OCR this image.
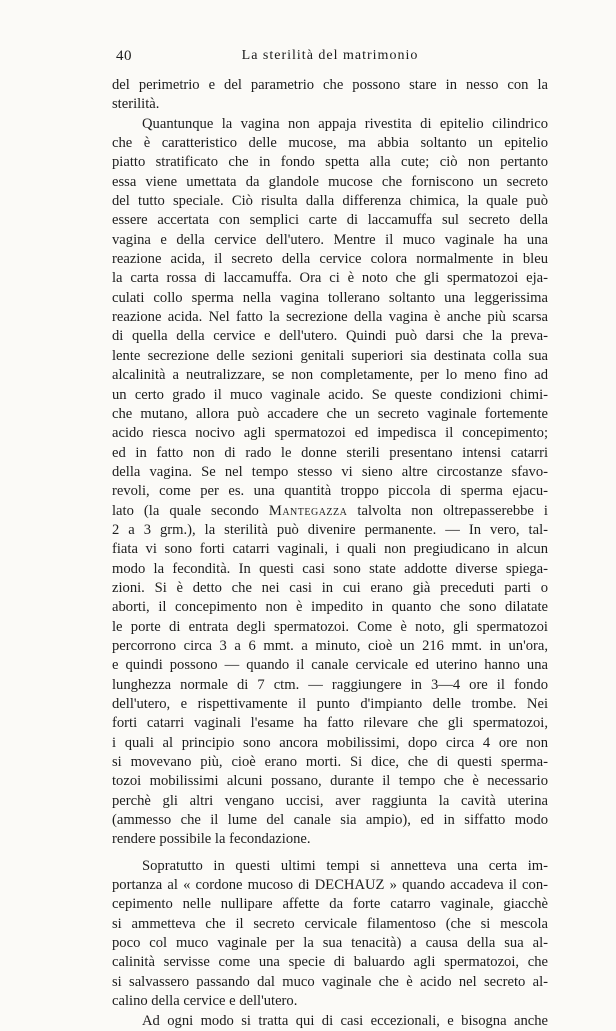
40	La sterilità del matrimonio
del perimetrio e del parametrio che possono stare in nesso con la
sterilità.
Quantunque la vagina non appaja rivestita di epitelio cilindrico
che è caratteristico delle mucose, ma abbia soltanto un epitelio
piatto stratificato che in fondo spetta alla cute; ciò non pertanto
essa viene umettata da glandole mucose che forniscono un secreto
del tutto speciale. Ciò risulta dalla differenza chimica, la quale può
essere accertata con semplici carte di laccamuffa sul secreto della
vagina e della cervice dell'utero. Mentre il muco vaginale ha una
reazione acida, il secreto della cervice colora normalmente in bleu
la carta rossa di laccamuffa. Ora ci è noto che gli spermatozoi eja-
culati collo sperma nella vagina tollerano soltanto una leggerissima
reazione acida. Nel fatto la secrezione della vagina è anche più scarsa
di quella della cervice e dell'utero. Quindi può darsi che la preva-
lente secrezione delle sezioni genitali superiori sia destinata colla sua
alcalinità a neutralizzare, se non completamente, per lo meno fino ad
un certo grado il muco vaginale acido. Se queste condizioni chimi-
che mutano, allora può accadere che un secreto vaginale fortemente
acido riesca nocivo agli spermatozoi ed impedisca il concepimento;
ed in fatto non di rado le donne sterili presentano intensi catarri
della vagina. Se nel tempo stesso vi sieno altre circostanze sfavo-
revoli, come per es. una quantità troppo piccola di sperma ejacu-
lato (la quale secondo Mantegazza talvolta non oltrepasserebbe i
2 a 3 grm.), la sterilità può divenire permanente. — In vero, tal-
fiata vi sono forti catarri vaginali, i quali non pregiudicano in alcun
modo la fecondità. In questi casi sono state addotte diverse spiega-
zioni. Si è detto che nei casi in cui erano già preceduti parti o
aborti, il concepimento non è impedito in quanto che sono dilatate
le porte di entrata degli spermatozoi. Come è noto, gli spermatozoi
percorrono circa 3 a 6 mmt. a minuto, cioè un 216 mmt. in un'ora,
e quindi possono — quando il canale cervicale ed uterino hanno una
lunghezza normale di 7 ctm. — raggiungere in 3—4 ore il fondo
dell'utero, e rispettivamente il punto d'impianto delle trombe. Nei
forti catarri vaginali l'esame ha fatto rilevare che gli spermatozoi,
i quali al principio sono ancora mobilissimi, dopo circa 4 ore non
si movevano più, cioè erano morti. Si dice, che di questi sperma-
tozoi mobilissimi alcuni possano, durante il tempo che è necessario
perchè gli altri vengano uccisi, aver raggiunta la cavità uterina
(ammesso che il lume del canale sia ampio), ed in siffatto modo
rendere possibile la fecondazione.
Sopratutto in questi ultimi tempi si annetteva una certa im-
portanza al « cordone mucoso di DECHAUZ » quando accadeva il con-
cepimento nelle nullipare affette da forte catarro vaginale, giacchè
si ammetteva che il secreto cervicale filamentoso (che si mescola
poco col muco vaginale per la sua tenacità) a causa della sua al-
calinità servisse come una specie di baluardo agli spermatozoi, che
si salvassero passando dal muco vaginale che è acido nel secreto al-
calino della cervice e dell'utero.
Ad ogni modo si tratta qui di casi eccezionali, e bisogna anche
